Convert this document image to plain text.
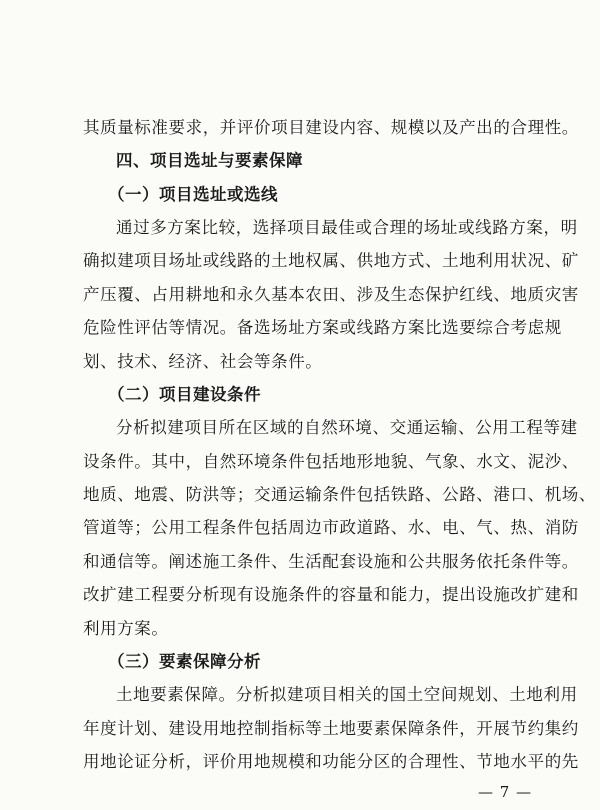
其质量标准要求，并评价项目建设内容、规模以及产出的合理性。
四、项目选址与要素保障
（一）项目选址或选线
通过多方案比较，选择项目最佳或合理的场址或线路方案，明
确拟建项目场址或线路的土地权属、供地方式、土地利用状况、矿
产压覆、占用耕地和永久基本农田、涉及生态保护红线、地质灾害
危险性评估等情况。备选场址方案或线路方案比选要综合考虑规
划、技术、经济、社会等条件。
（二）项目建设条件
分析拟建项目所在区域的自然环境、交通运输、公用工程等建
设条件。其中，自然环境条件包括地形地貌、气象、水文、泥沙、
地质、地震、防洪等；交通运输条件包括铁路、公路、港口、机场、
管道等；公用工程条件包括周边市政道路、水、电、气、热、消防
和通信等。阐述施工条件、生活配套设施和公共服务依托条件等。
改扩建工程要分析现有设施条件的容量和能力，提出设施改扩建和
利用方案。
（三）要素保障分析
土地要素保障。分析拟建项目相关的国土空间规划、土地利用
年度计划、建设用地控制指标等土地要素保障条件，开展节约集约
用地论证分析，评价用地规模和功能分区的合理性、节地水平的先
— 7 —
